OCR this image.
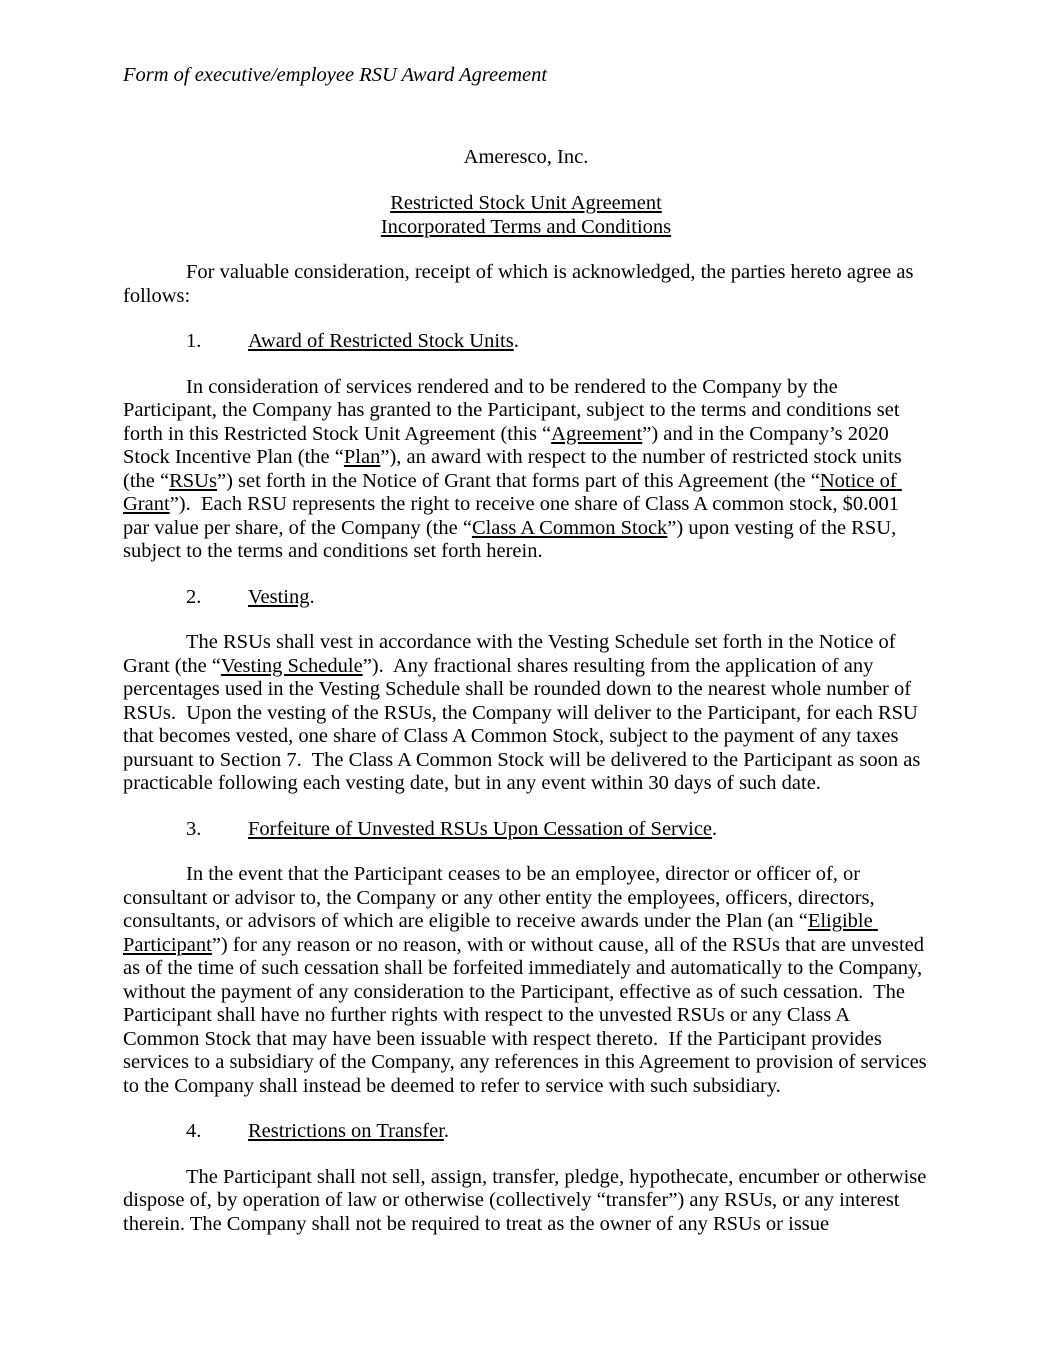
Form of executive/employee RSU Award Agreement

Ameresco, Inc.

Restricted Stock Unit Agreement
Incorporated Terms and Conditions

For valuable consideration, receipt of which is acknowledged, the parties hereto agree as follows:

1. Award of Restricted Stock Units.

In consideration of services rendered and to be rendered to the Company by the Participant, the Company has granted to the Participant, subject to the terms and conditions set forth in this Restricted Stock Unit Agreement (this “Agreement”) and in the Company’s 2020 Stock Incentive Plan (the “Plan”), an award with respect to the number of restricted stock units (the “RSUs”) set forth in the Notice of Grant that forms part of this Agreement (the “Notice of Grant”).  Each RSU represents the right to receive one share of Class A common stock, $0.001 par value per share, of the Company (the “Class A Common Stock”) upon vesting of the RSU, subject to the terms and conditions set forth herein.

2. Vesting.

The RSUs shall vest in accordance with the Vesting Schedule set forth in the Notice of Grant (the “Vesting Schedule”).  Any fractional shares resulting from the application of any percentages used in the Vesting Schedule shall be rounded down to the nearest whole number of RSUs.  Upon the vesting of the RSUs, the Company will deliver to the Participant, for each RSU that becomes vested, one share of Class A Common Stock, subject to the payment of any taxes pursuant to Section 7.  The Class A Common Stock will be delivered to the Participant as soon as practicable following each vesting date, but in any event within 30 days of such date.

3. Forfeiture of Unvested RSUs Upon Cessation of Service.

In the event that the Participant ceases to be an employee, director or officer of, or consultant or advisor to, the Company or any other entity the employees, officers, directors, consultants, or advisors of which are eligible to receive awards under the Plan (an “Eligible Participant”) for any reason or no reason, with or without cause, all of the RSUs that are unvested as of the time of such cessation shall be forfeited immediately and automatically to the Company, without the payment of any consideration to the Participant, effective as of such cessation.  The Participant shall have no further rights with respect to the unvested RSUs or any Class A Common Stock that may have been issuable with respect thereto.  If the Participant provides services to a subsidiary of the Company, any references in this Agreement to provision of services to the Company shall instead be deemed to refer to service with such subsidiary.

4. Restrictions on Transfer.

The Participant shall not sell, assign, transfer, pledge, hypothecate, encumber or otherwise dispose of, by operation of law or otherwise (collectively “transfer”) any RSUs, or any interest therein. The Company shall not be required to treat as the owner of any RSUs or issue
